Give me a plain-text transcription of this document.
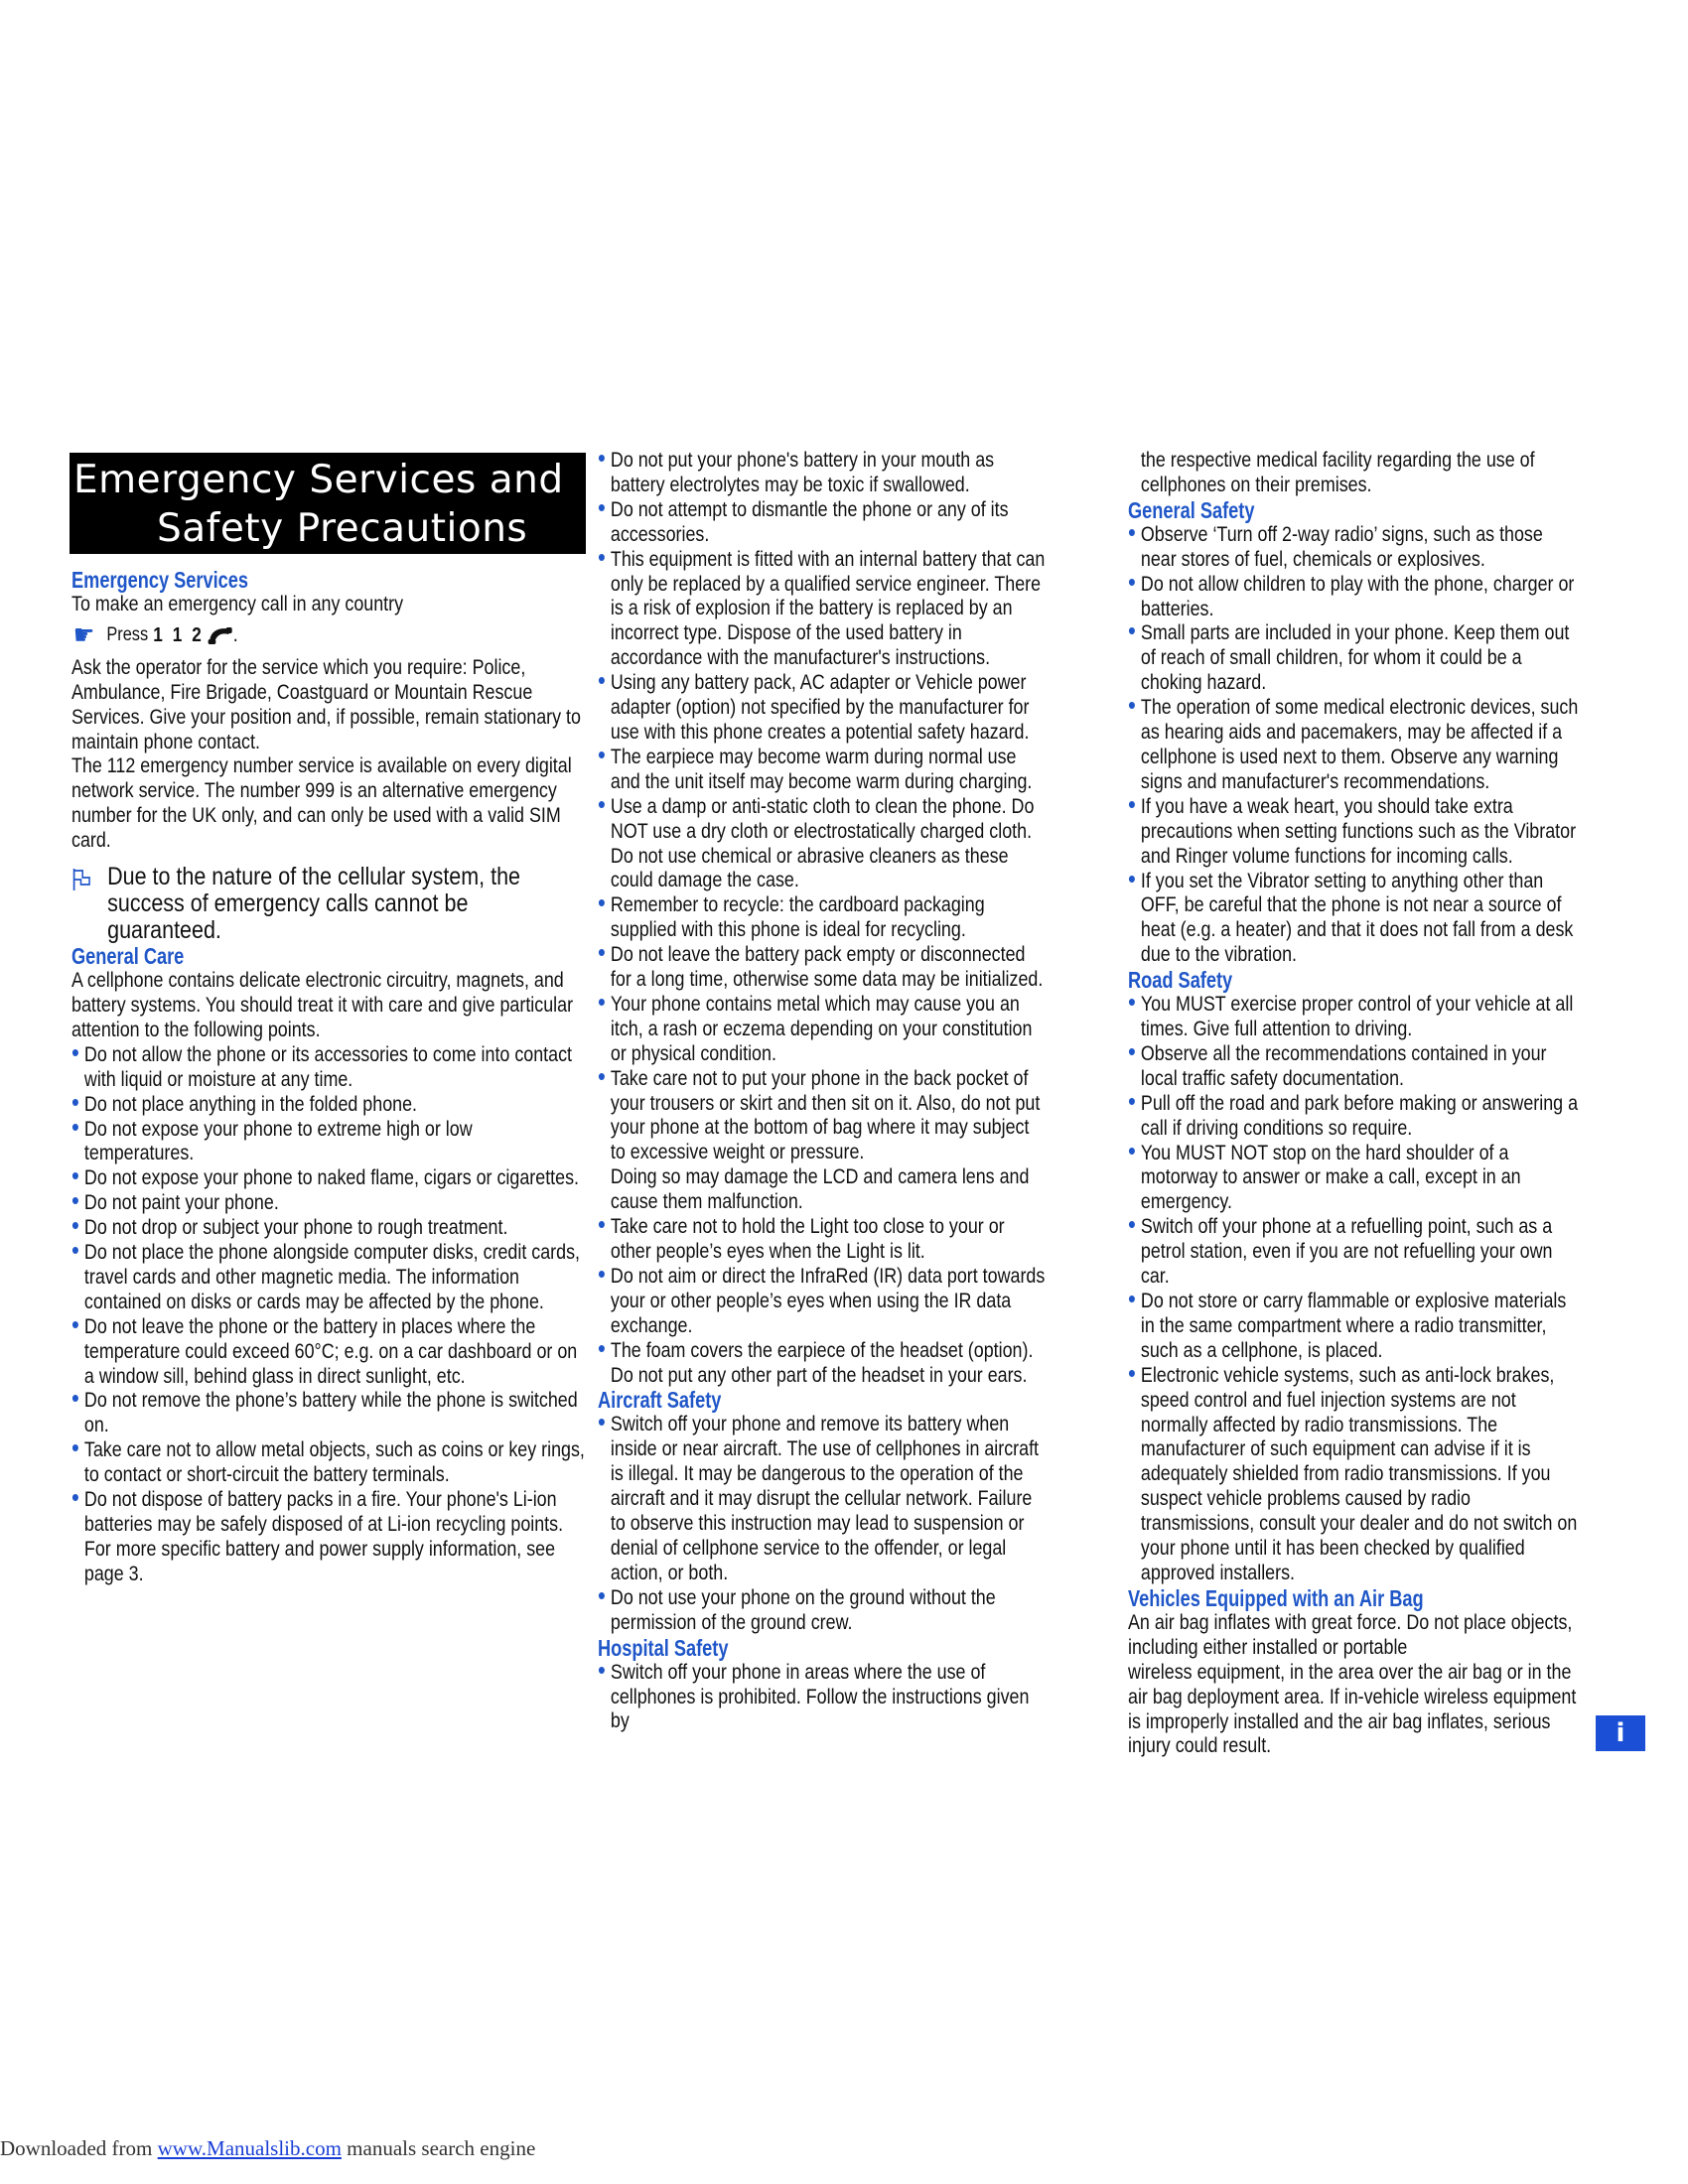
Emergency Services and
Safety Precautions
Emergency Services

To make an emergency call in any country

☛ Press 1 1 2 .

Ask the operator for the service which you require: Police, Ambulance, Fire Brigade, Coastguard or Mountain Rescue Services. Give your position and, if possible, remain stationary to maintain phone contact.

The 112 emergency number service is available on every digital network service. The number 999 is an alternative emergency number for the UK only, and can only be used with a valid SIM card.

Due to the nature of the cellular system, the success of emergency calls cannot be guaranteed.
General Care

A cellphone contains delicate electronic circuitry, magnets, and battery systems. You should treat it with care and give particular attention to the following points.

• Do not allow the phone or its accessories to come into contact with liquid or moisture at any time.
• Do not place anything in the folded phone.
• Do not expose your phone to extreme high or low temperatures.
• Do not expose your phone to naked flame, cigars or cigarettes.
• Do not paint your phone.
• Do not drop or subject your phone to rough treatment.
• Do not place the phone alongside computer disks, credit cards, travel cards and other magnetic media. The information contained on disks or cards may be affected by the phone.
• Do not leave the phone or the battery in places where the temperature could exceed 60°C; e.g. on a car dashboard or on a window sill, behind glass in direct sunlight, etc.
• Do not remove the phone’s battery while the phone is switched on.
• Take care not to allow metal objects, such as coins or key rings, to contact or short-circuit the battery terminals.
• Do not dispose of battery packs in a fire. Your phone's Li-ion batteries may be safely disposed of at Li-ion recycling points. For more specific battery and power supply information, see page 3.
• Do not put your phone's battery in your mouth as battery electrolytes may be toxic if swallowed.
• Do not attempt to dismantle the phone or any of its accessories.
• This equipment is fitted with an internal battery that can only be replaced by a qualified service engineer. There is a risk of explosion if the battery is replaced by an incorrect type. Dispose of the used battery in accordance with the manufacturer's instructions.
• Using any battery pack, AC adapter or Vehicle power adapter (option) not specified by the manufacturer for use with this phone creates a potential safety hazard.
• The earpiece may become warm during normal use and the unit itself may become warm during charging.
• Use a damp or anti-static cloth to clean the phone. Do NOT use a dry cloth or electrostatically charged cloth. Do not use chemical or abrasive cleaners as these could damage the case.
• Remember to recycle: the cardboard packaging supplied with this phone is ideal for recycling.
• Do not leave the battery pack empty or disconnected for a long time, otherwise some data may be initialized.
• Your phone contains metal which may cause you an itch, a rash or eczema depending on your constitution or physical condition.
• Take care not to put your phone in the back pocket of your trousers or skirt and then sit on it. Also, do not put your phone at the bottom of bag where it may subject to excessive weight or pressure.
Doing so may damage the LCD and camera lens and cause them malfunction.
• Take care not to hold the Light too close to your or other people’s eyes when the Light is lit.
• Do not aim or direct the InfraRed (IR) data port towards your or other people’s eyes when using the IR data exchange.
• The foam covers the earpiece of the headset (option). Do not put any other part of the headset in your ears.
Aircraft Safety
• Switch off your phone and remove its battery when inside or near aircraft. The use of cellphones in aircraft is illegal. It may be dangerous to the operation of the aircraft and it may disrupt the cellular network. Failure to observe this instruction may lead to suspension or denial of cellphone service to the offender, or legal action, or both.
• Do not use your phone on the ground without the permission of the ground crew.
Hospital Safety
• Switch off your phone in areas where the use of cellphones is prohibited. Follow the instructions given by

the respective medical facility regarding the use of cellphones on their premises.

General Safety
• Observe ‘Turn off 2-way radio’ signs, such as those near stores of fuel, chemicals or explosives.
• Do not allow children to play with the phone, charger or batteries.
• Small parts are included in your phone. Keep them out of reach of small children, for whom it could be a choking hazard.
• The operation of some medical electronic devices, such as hearing aids and pacemakers, may be affected if a cellphone is used next to them. Observe any warning signs and manufacturer's recommendations.
• If you have a weak heart, you should take extra precautions when setting functions such as the Vibrator and Ringer volume functions for incoming calls.
• If you set the Vibrator setting to anything other than OFF, be careful that the phone is not near a source of heat (e.g. a heater) and that it does not fall from a desk due to the vibration.
Road Safety
• You MUST exercise proper control of your vehicle at all times. Give full attention to driving.
• Observe all the recommendations contained in your local traffic safety documentation.
• Pull off the road and park before making or answering a call if driving conditions so require.
• You MUST NOT stop on the hard shoulder of a motorway to answer or make a call, except in an emergency.
• Switch off your phone at a refuelling point, such as a petrol station, even if you are not refuelling your own car.
• Do not store or carry flammable or explosive materials in the same compartment where a radio transmitter, such as a cellphone, is placed.
• Electronic vehicle systems, such as anti-lock brakes, speed control and fuel injection systems are not normally affected by radio transmissions. The manufacturer of such equipment can advise if it is adequately shielded from radio transmissions. If you suspect vehicle problems caused by radio transmissions, consult your dealer and do not switch on your phone until it has been checked by qualified approved installers.
Vehicles Equipped with an Air Bag

An air bag inflates with great force. Do not place objects, including either installed or portable

wireless equipment, in the area over the air bag or in the air bag deployment area. If in-vehicle wireless equipment is improperly installed and the air bag inflates, serious injury could result.	i
Downloaded from www.Manualslib.com manuals search engine
